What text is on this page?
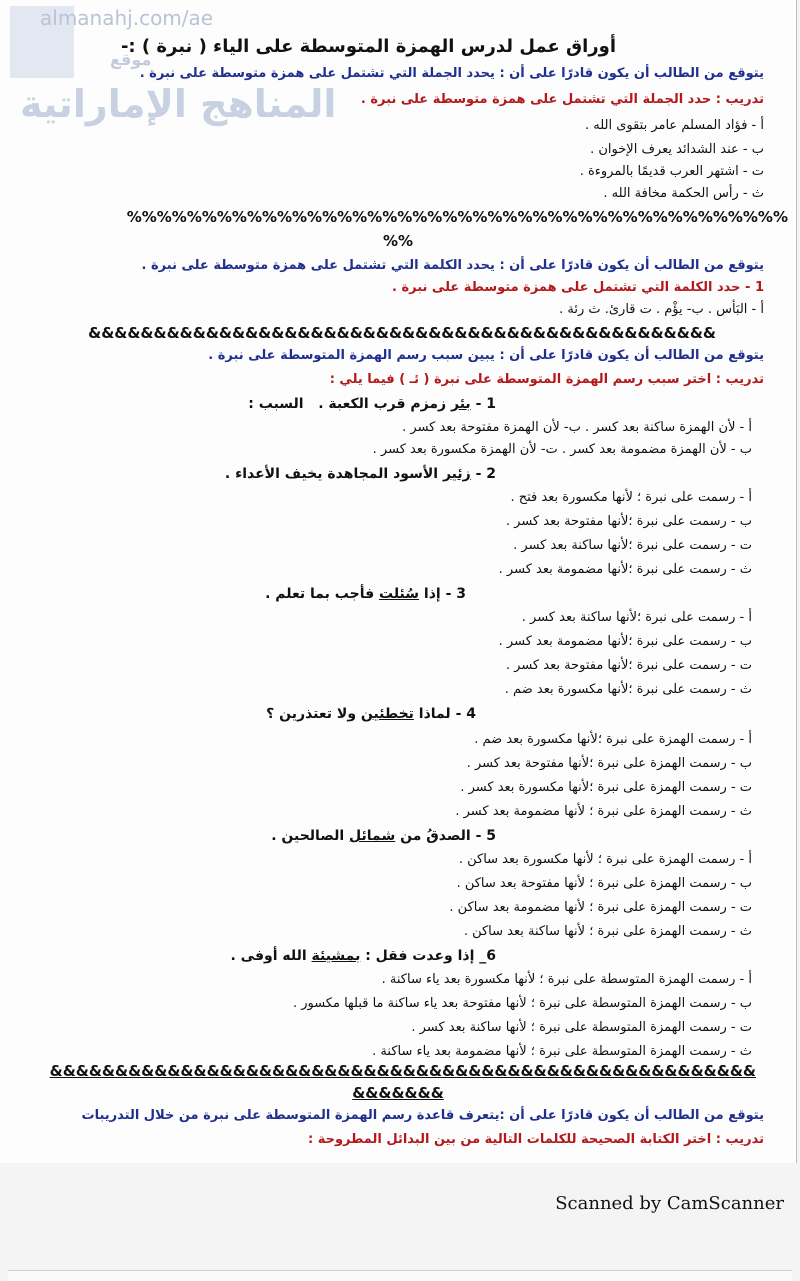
almanahj.com/ae
موقع
المناهج الإماراتية
أوراق عمل لدرس الهمزة المتوسطة على الياء ( نبرة ) :-
يتوقع من الطالب أن يكون قادرًا على أن : يحدد الجملة التي تشتمل على همزة متوسطة على نبرة .
تدريب : حدد الجملة التي تشتمل على همزة متوسطة على نبرة .
أ - فؤاد المسلم عامر بتقوى الله .
ب - عند الشدائد يعرف الإخوان .
ت - اشتهر العرب قديمًا بالمروءة .
ث - رأس الحكمة مخافة الله .
%%%%%%%%%%%%%%%%%%%%%%%%%%%%%%%%%%%%%%%%%%%%
%%
يتوقع من الطالب أن يكون قادرًا على أن : يحدد الكلمة التي تشتمل على همزة متوسطة على نبرة .
1 - حدد الكلمة التي تشتمل على همزة متوسطة على نبرة .
أ - البَأس . ب- يؤْم . ت قارئ. ث رئة .
&&&&&&&&&&&&&&&&&&&&&&&&&&&&&&&&&&&&&&&&&&&&&&&&
يتوقع من الطالب أن يكون قادرًا على أن : يبين سبب رسم الهمزة المتوسطة على نبرة .
تدريب : اختر سبب رسم الهمزة المتوسطة على نبرة ( ئـ ) فيما يلي :
1 - بئر زمزم قرب الكعبة .   السبب :
أ - لأن الهمزة ساكنة بعد كسر . ب- لأن الهمزة مفتوحة بعد كسر .
ب - لأن الهمزة مضمومة بعد كسر . ت- لأن الهمزة مكسورة بعد كسر .
2 - زئير الأسود المجاهدة يخيف الأعداء .
أ - رسمت على نبرة ؛ لأنها مكسورة بعد فتح .
ب - رسمت على نبرة ؛لأنها مفتوحة بعد كسر .
ت - رسمت على نبرة ؛لأنها ساكنة بعد كسر .
ث - رسمت على نبرة ؛لأنها مضمومة بعد كسر .
3 - إذا سُئلت فأجب بما تعلم .
أ - رسمت على نبرة ؛لأنها ساكنة بعد كسر .
ب - رسمت على نبرة ؛لأنها مضمومة بعد كسر .
ت - رسمت على نبرة ؛لأنها مفتوحة بعد كسر .
ث - رسمت على نبرة ؛لأنها مكسورة بعد ضم .
4 - لماذا تخطئين ولا تعتذرين ؟
أ - رسمت الهمزة على نبرة ؛لأنها مكسورة بعد ضم .
ب - رسمت الهمزة على نبرة ؛لأنها مفتوحة بعد كسر .
ت - رسمت الهمزة على نبرة ؛لأنها مكسورة بعد كسر .
ث - رسمت الهمزة على نبرة ؛ لأنها مضمومة بعد كسر .
5 - الصدقُ من شمائل الصالحين .
أ - رسمت الهمزة على نبرة ؛ لأنها مكسورة بعد ساكن .
ب - رسمت الهمزة على نبرة ؛ لأنها مفتوحة بعد ساكن .
ت - رسمت الهمزة على نبرة ؛ لأنها مضمومة بعد ساكن .
ث - رسمت الهمزة على نبرة ؛ لأنها ساكنة بعد ساكن .
6_ إذا وعدت فقل : بمشيئة الله أوفى .
أ - رسمت الهمزة المتوسطة على نبرة ؛ لأنها مكسورة بعد ياء ساكنة .
ب - رسمت الهمزة المتوسطة على نبرة ؛ لأنها مفتوحة بعد ياء ساكنة ما قبلها مكسور .
ت - رسمت الهمزة المتوسطة على نبرة ؛ لأنها ساكنة بعد كسر .
ث - رسمت الهمزة المتوسطة على نبرة ؛ لأنها مضمومة بعد ياء ساكنة .
&&&&&&&&&&&&&&&&&&&&&&&&&&&&&&&&&&&&&&&&&&&&&&&&&&&&&&
&&&&&&&
يتوقع من الطالب أن يكون قادرًا على أن :يتعرف قاعدة رسم الهمزة المتوسطة على نبرة من خلال التدريبات
تدريب : اختر الكتابة الصحيحة للكلمات التالية من بين البدائل المطروحة :
Scanned by CamScanner
